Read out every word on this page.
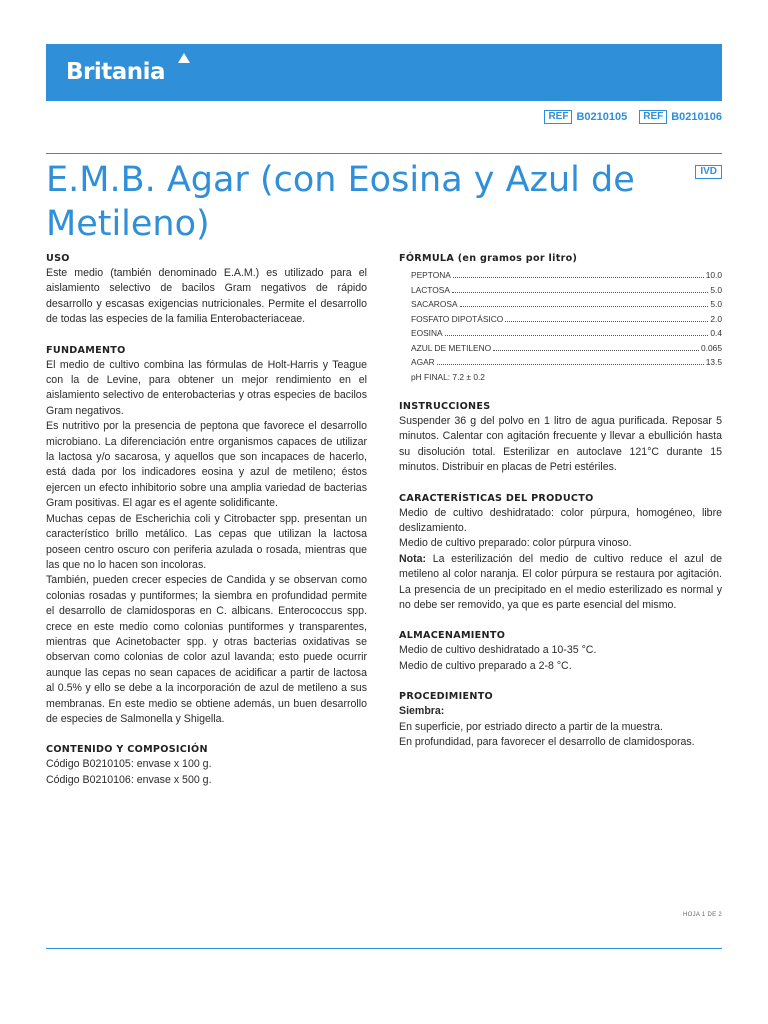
Britania
REF B0210105	REF B0210106
E.M.B. Agar (con Eosina y Azul de Metileno)
IVD
USO

Este medio (también denominado E.A.M.) es utilizado para el aislamiento selectivo de bacilos Gram negativos de rápido desarrollo y escasas exigencias nutricionales. Permite el desarrollo de todas las especies de la familia Enterobacteriaceae.

FUNDAMENTO

El medio de cultivo combina las fórmulas de Holt-Harris y Teague con la de Levine, para obtener un mejor rendimiento en el aislamiento selectivo de enterobacterias y otras especies de bacilos Gram negativos.

Es nutritivo por la presencia de peptona que favorece el desarrollo microbiano. La diferenciación entre organismos capaces de utilizar la lactosa y/o sacarosa, y aquellos que son incapaces de hacerlo, está dada por los indicadores eosina y azul de metileno; éstos ejercen un efecto inhibitorio sobre una amplia variedad de bacterias Gram positivas. El agar es el agente solidificante.

Muchas cepas de Escherichia coli y Citrobacter spp. presentan un característico brillo metálico. Las cepas que utilizan la lactosa poseen centro oscuro con periferia azulada o rosada, mientras que las que no lo hacen son incoloras.

También, pueden crecer especies de Candida y se observan como colonias rosadas y puntiformes; la siembra en profundidad permite el desarrollo de clamidosporas en C. albicans. Enterococcus spp. crece en este medio como colonias puntiformes y transparentes, mientras que Acinetobacter spp. y otras bacterias oxidativas se observan como colonias de color azul lavanda; esto puede ocurrir aunque las cepas no sean capaces de acidificar a partir de lactosa al 0.5% y ello se debe a la incorporación de azul de metileno a sus membranas. En este medio se obtiene además, un buen desarrollo de especies de Salmonella y Shigella.

CONTENIDO Y COMPOSICIÓN

Código B0210105: envase x 100 g.

Código B0210106: envase x 500 g.

FÓRMULA (en gramos por litro)
PEPTONA	10.0
LACTOSA	5.0
SACAROSA	5.0
FOSFATO DIPOTÁSICO	2.0
EOSINA	0.4
AZUL DE METILENO	0.065
AGAR	13.5
pH FINAL: 7.2 ± 0.2
INSTRUCCIONES

Suspender 36 g del polvo en 1 litro de agua purificada. Reposar 5 minutos. Calentar con agitación frecuente y llevar a ebullición hasta su disolución total. Esterilizar en autoclave 121°C durante 15 minutos. Distribuir en placas de Petri estériles.

CARACTERÍSTICAS DEL PRODUCTO

Medio de cultivo deshidratado: color púrpura, homogéneo, libre deslizamiento.

Medio de cultivo preparado: color púrpura vinoso.

Nota: La esterilización del medio de cultivo reduce el azul de metileno al color naranja. El color púrpura se restaura por agitación. La presencia de un precipitado en el medio esterilizado es normal y no debe ser removido, ya que es parte esencial del mismo.

ALMACENAMIENTO

Medio de cultivo deshidratado a 10-35 °C.

Medio de cultivo preparado a 2-8 °C.

PROCEDIMIENTO

Siembra:

En superficie, por estriado directo a partir de la muestra.

En profundidad, para favorecer el desarrollo de clamidosporas.

HOJA 1 DE 2
